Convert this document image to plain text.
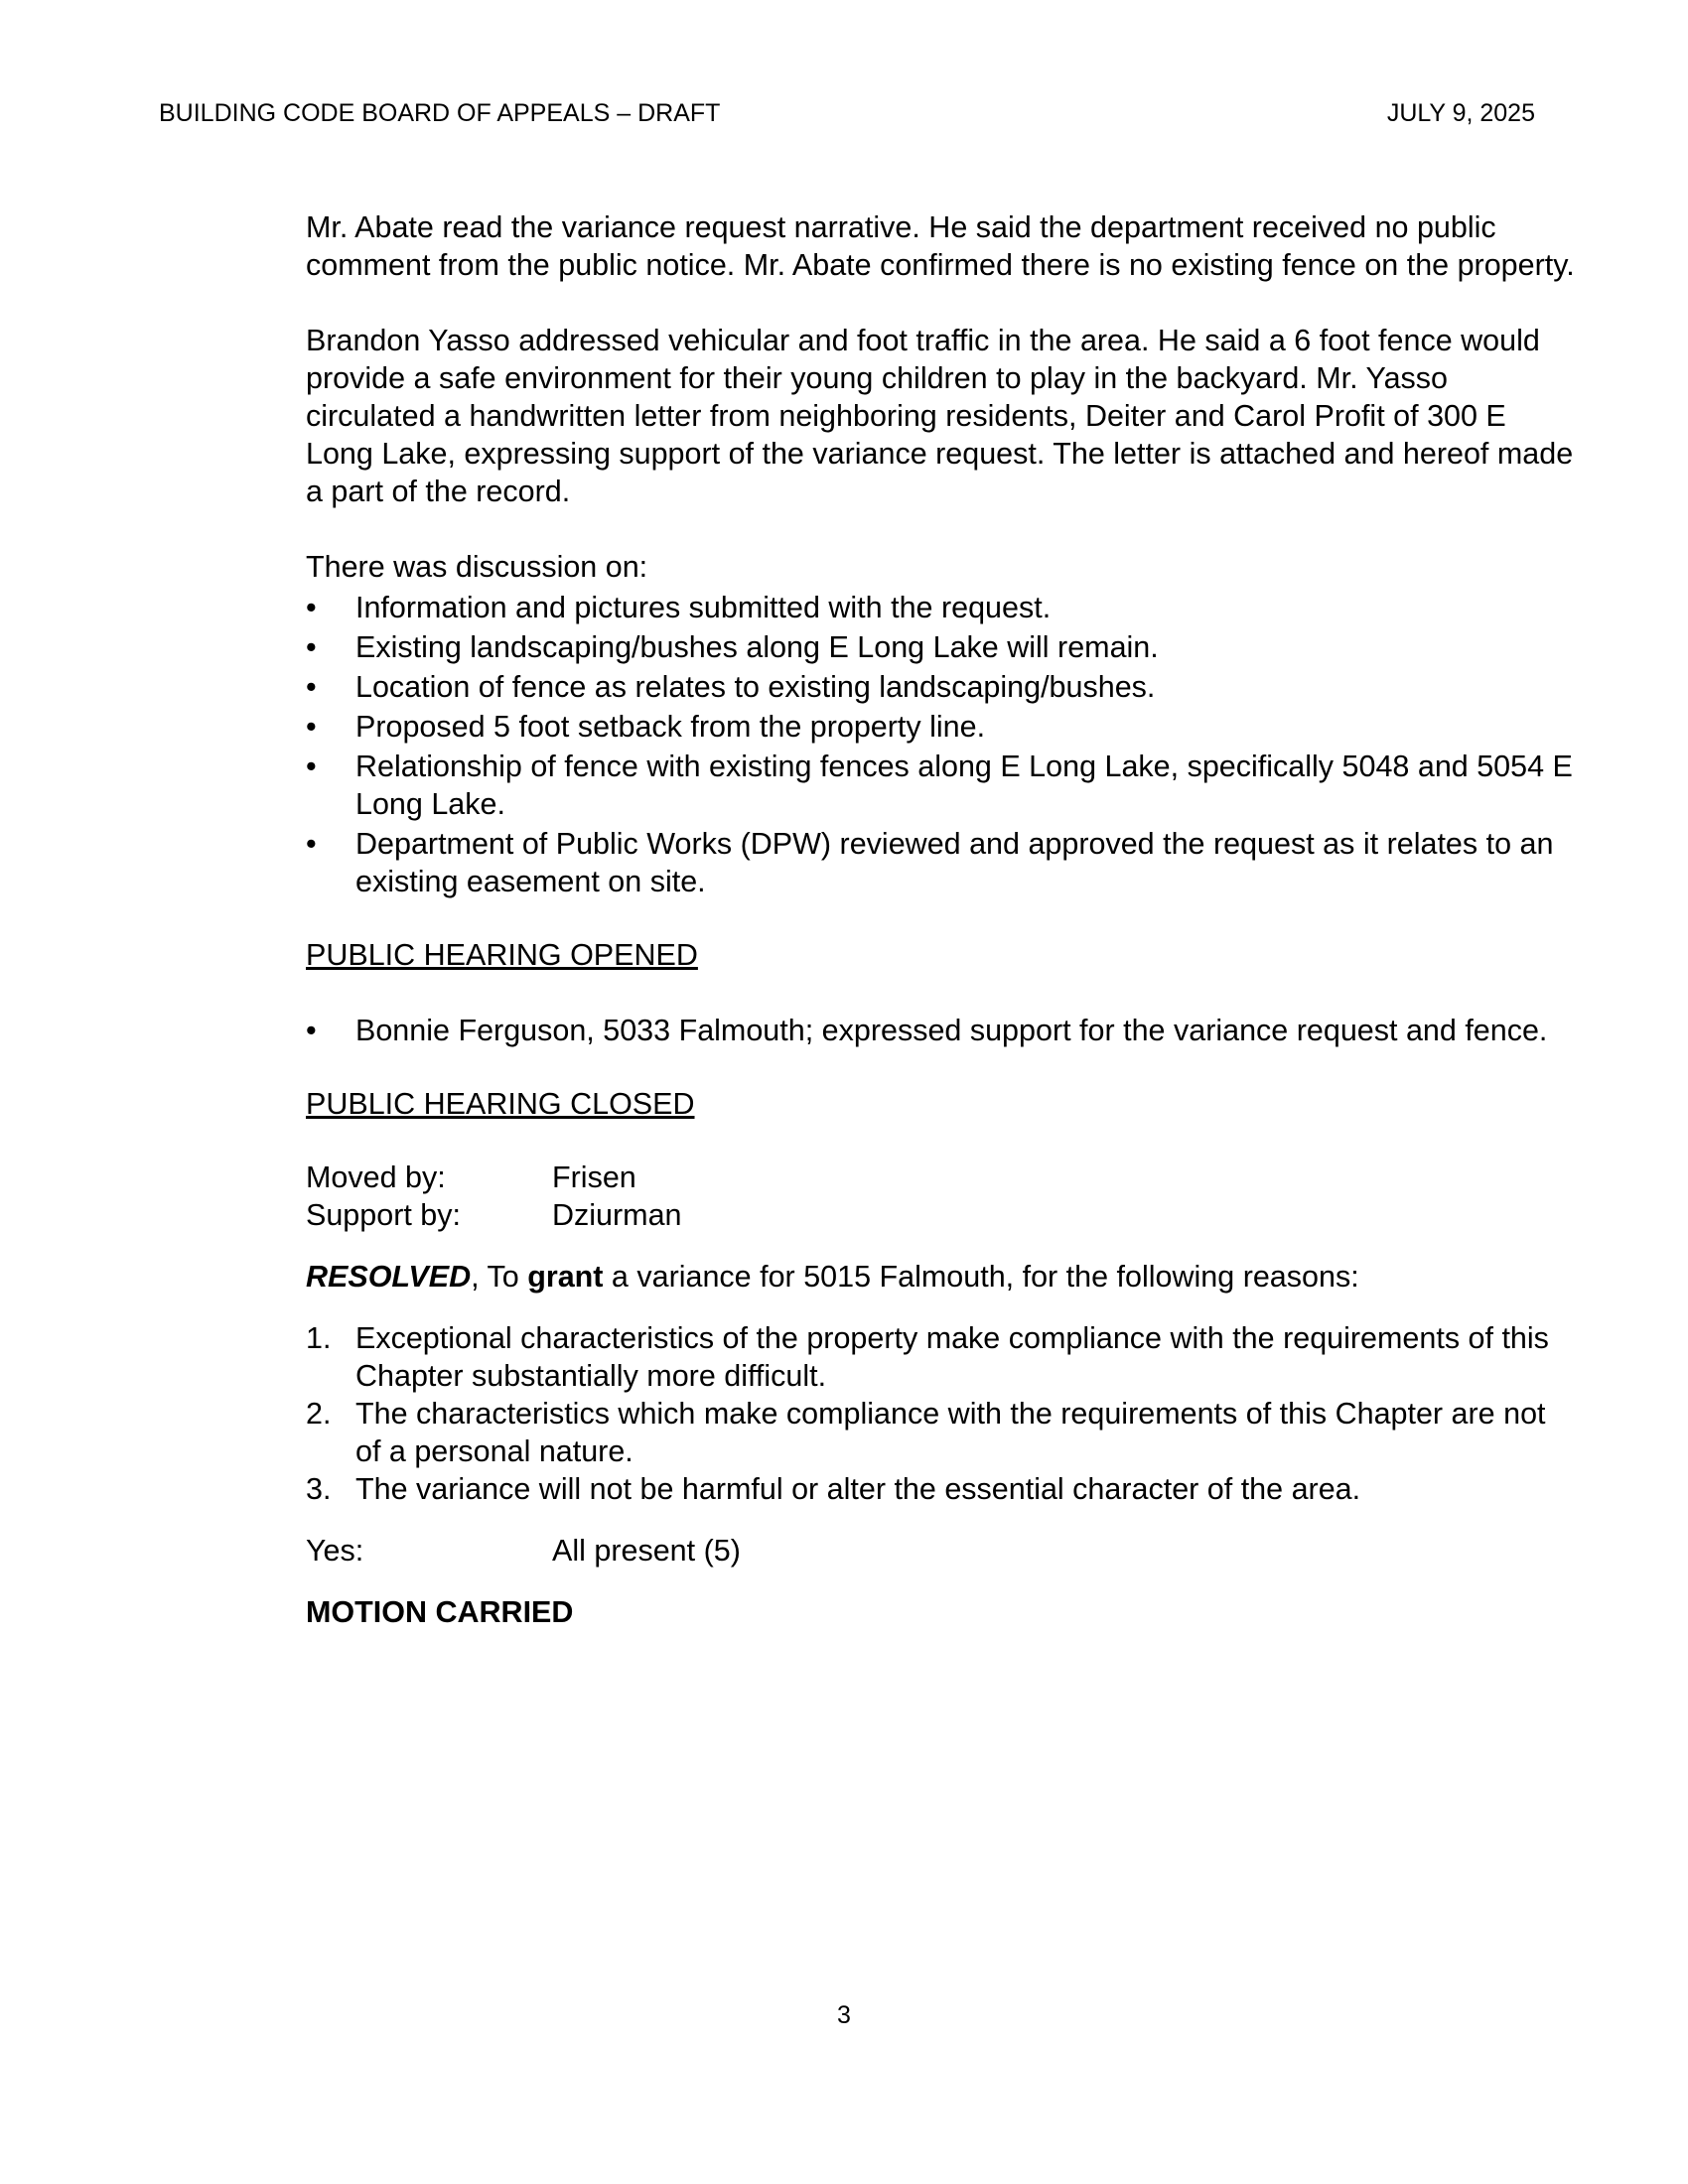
BUILDING CODE BOARD OF APPEALS – DRAFT	JULY 9, 2025

Mr. Abate read the variance request narrative. He said the department received no public comment from the public notice. Mr. Abate confirmed there is no existing fence on the property.

Brandon Yasso addressed vehicular and foot traffic in the area. He said a 6 foot fence would provide a safe environment for their young children to play in the backyard. Mr. Yasso circulated a handwritten letter from neighboring residents, Deiter and Carol Profit of 300 E Long Lake, expressing support of the variance request. The letter is attached and hereof made a part of the record.

There was discussion on:

•	Information and pictures submitted with the request.
•	Existing landscaping/bushes along E Long Lake will remain.
•	Location of fence as relates to existing landscaping/bushes.
•	Proposed 5 foot setback from the property line.
•	Relationship of fence with existing fences along E Long Lake, specifically 5048 and 5054 E Long Lake.
•	Department of Public Works (DPW) reviewed and approved the request as it relates to an existing easement on site.

PUBLIC HEARING OPENED

•	Bonnie Ferguson, 5033 Falmouth; expressed support for the variance request and fence.

PUBLIC HEARING CLOSED

Moved by:	Frisen
Support by:	Dziurman

RESOLVED, To grant a variance for 5015 Falmouth, for the following reasons:

1. Exceptional characteristics of the property make compliance with the requirements of this Chapter substantially more difficult.
2. The characteristics which make compliance with the requirements of this Chapter are not of a personal nature.
3. The variance will not be harmful or alter the essential character of the area.
Yes:	All present (5)

MOTION CARRIED

3
